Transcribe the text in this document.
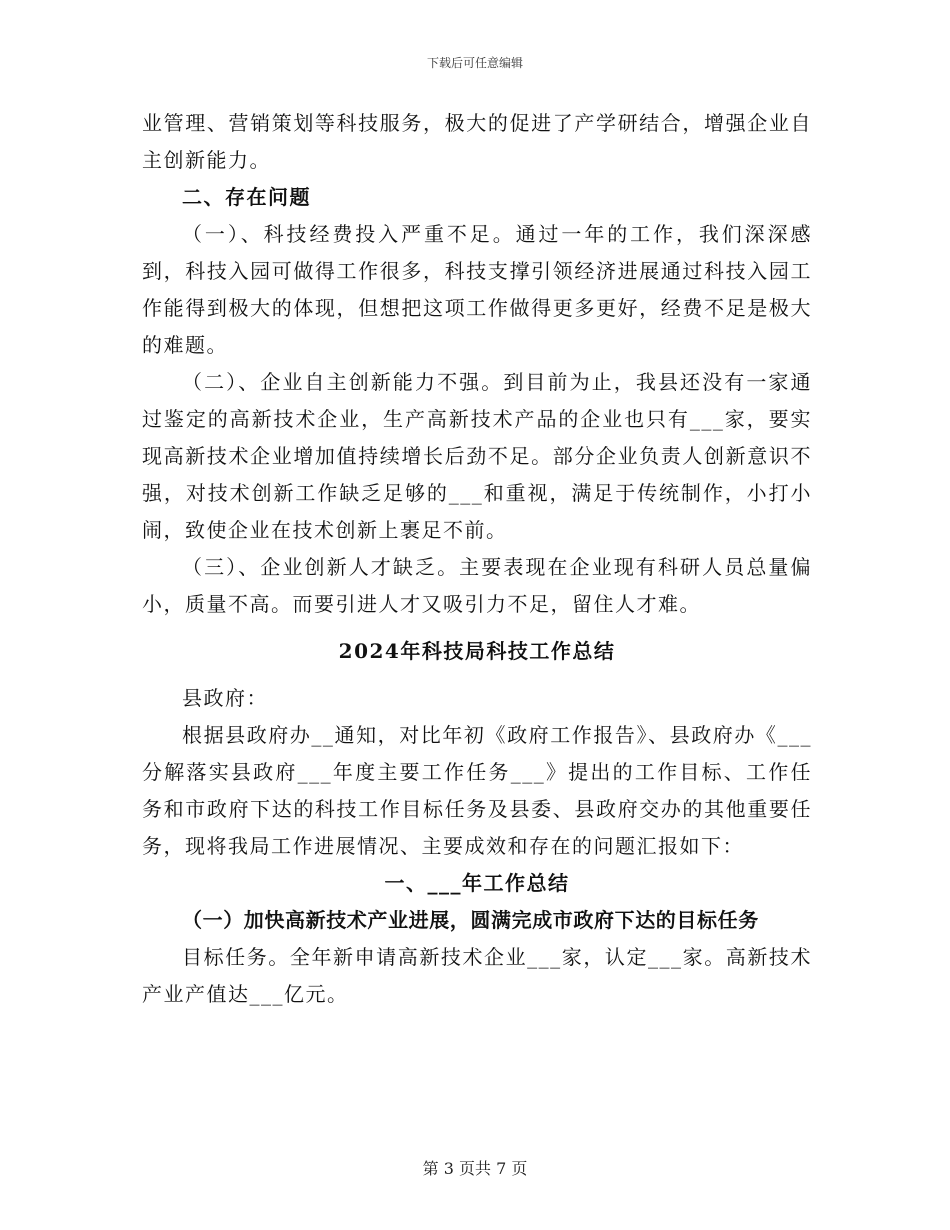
下载后可任意编辑

业管理、营销策划等科技服务，极大的促进了产学研结合，增强企业自主创新能力。

二、存在问题

（一）、科技经费投入严重不足。通过一年的工作，我们深深感到，科技入园可做得工作很多，科技支撑引领经济进展通过科技入园工作能得到极大的体现，但想把这项工作做得更多更好，经费不足是极大的难题。

（二）、企业自主创新能力不强。到目前为止，我县还没有一家通过鉴定的高新技术企业，生产高新技术产品的企业也只有___家，要实现高新技术企业增加值持续增长后劲不足。部分企业负责人创新意识不强，对技术创新工作缺乏足够的___和重视，满足于传统制作，小打小闹，致使企业在技术创新上裹足不前。

（三）、企业创新人才缺乏。主要表现在企业现有科研人员总量偏小，质量不高。而要引进人才又吸引力不足，留住人才难。

2024年科技局科技工作总结

县政府：

根据县政府办__通知，对比年初《政府工作报告》、县政府办《___分解落实县政府___年度主要工作任务___》提出的工作目标、工作任务和市政府下达的科技工作目标任务及县委、县政府交办的其他重要任务，现将我局工作进展情况、主要成效和存在的问题汇报如下：

一、___年工作总结

（一）加快高新技术产业进展，圆满完成市政府下达的目标任务

目标任务。全年新申请高新技术企业___家，认定___家。高新技术产业产值达___亿元。

第 3 页共 7 页
